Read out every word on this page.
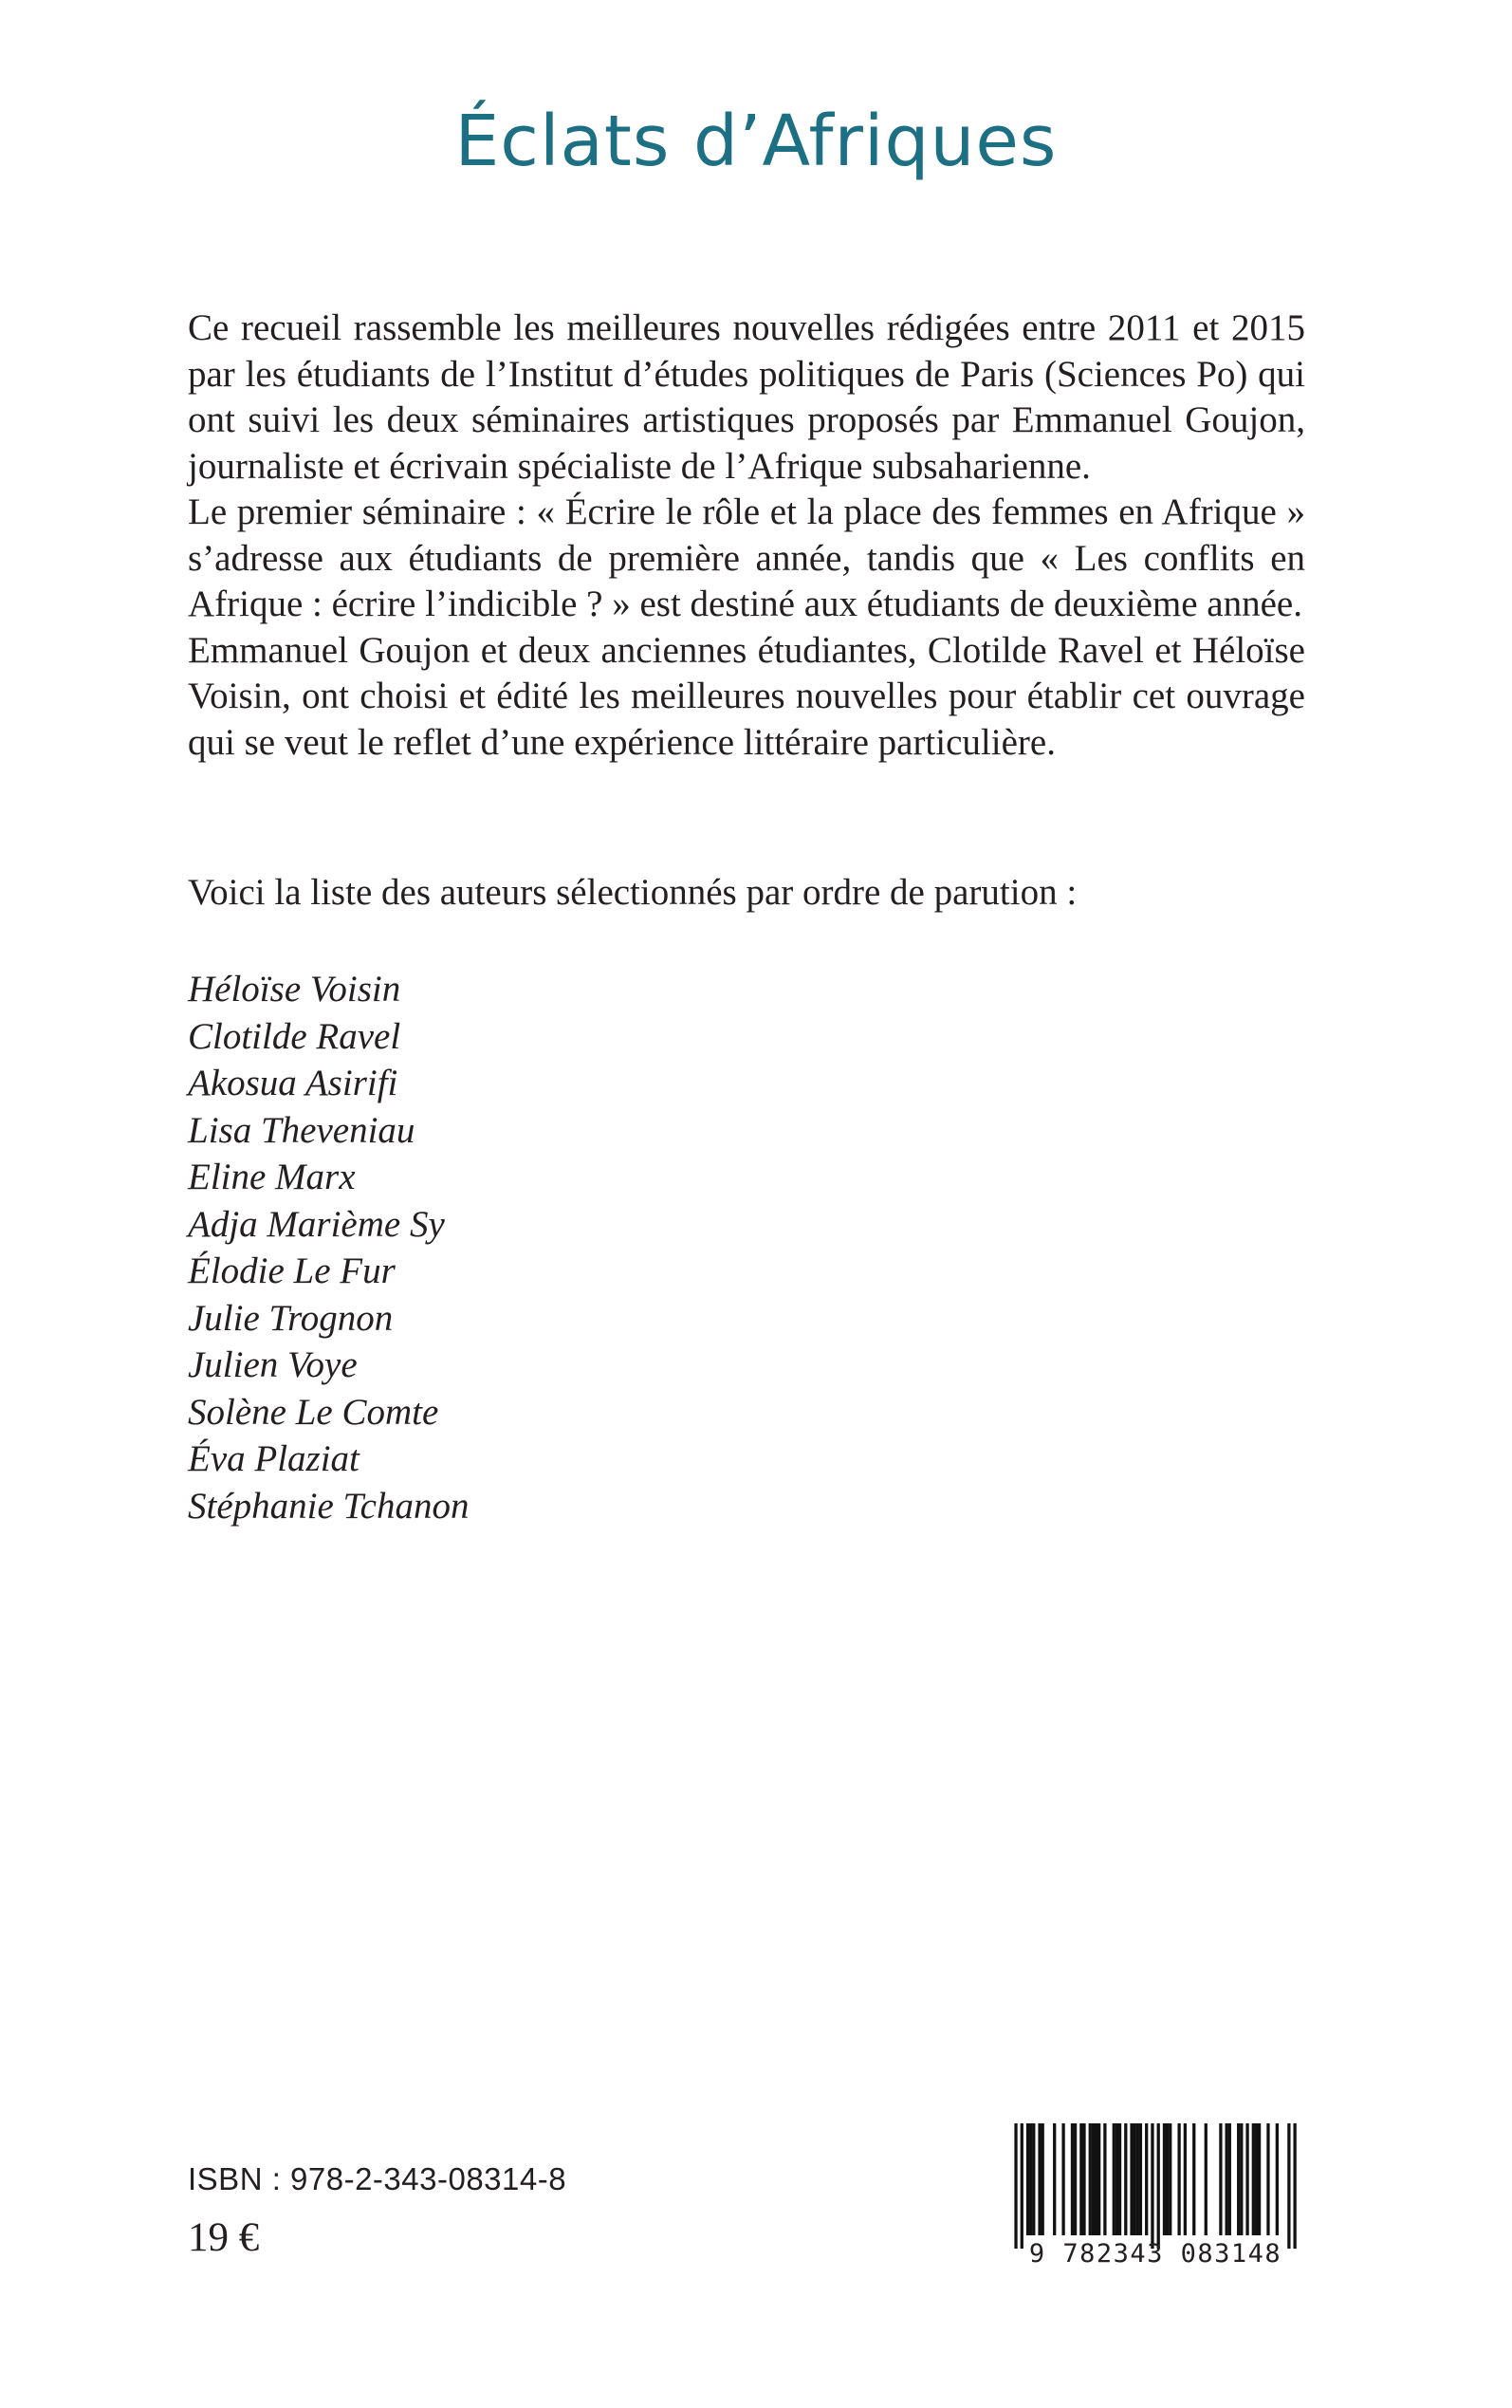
Éclats d’Afriques

Ce recueil rassemble les meilleures nouvelles rédigées entre 2011 et 2015 par les étudiants de l’Institut d’études politiques de Paris (Sciences Po) qui ont suivi les deux séminaires artistiques proposés par Emmanuel Goujon, journaliste et écrivain spécialiste de l’Afrique subsaharienne.

Le premier séminaire : « Écrire le rôle et la place des femmes en Afrique » s’adresse aux étudiants de première année, tandis que « Les conflits en Afrique : écrire l’indicible ? » est destiné aux étudiants de deuxième année.

Emmanuel Goujon et deux anciennes étudiantes, Clotilde Ravel et Héloïse Voisin, ont choisi et édité les meilleures nouvelles pour établir cet ouvrage qui se veut le reflet d’une expérience littéraire particulière.

Voici la liste des auteurs sélectionnés par ordre de parution :

Héloïse Voisin
Clotilde Ravel
Akosua Asirifi
Lisa Theveniau
Eline Marx
Adja Marième Sy
Élodie Le Fur
Julie Trognon
Julien Voye
Solène Le Comte
Éva Plaziat
Stéphanie Tchanon
ISBN : 978-2-343-08314-8
19 €	9 782343 083148
